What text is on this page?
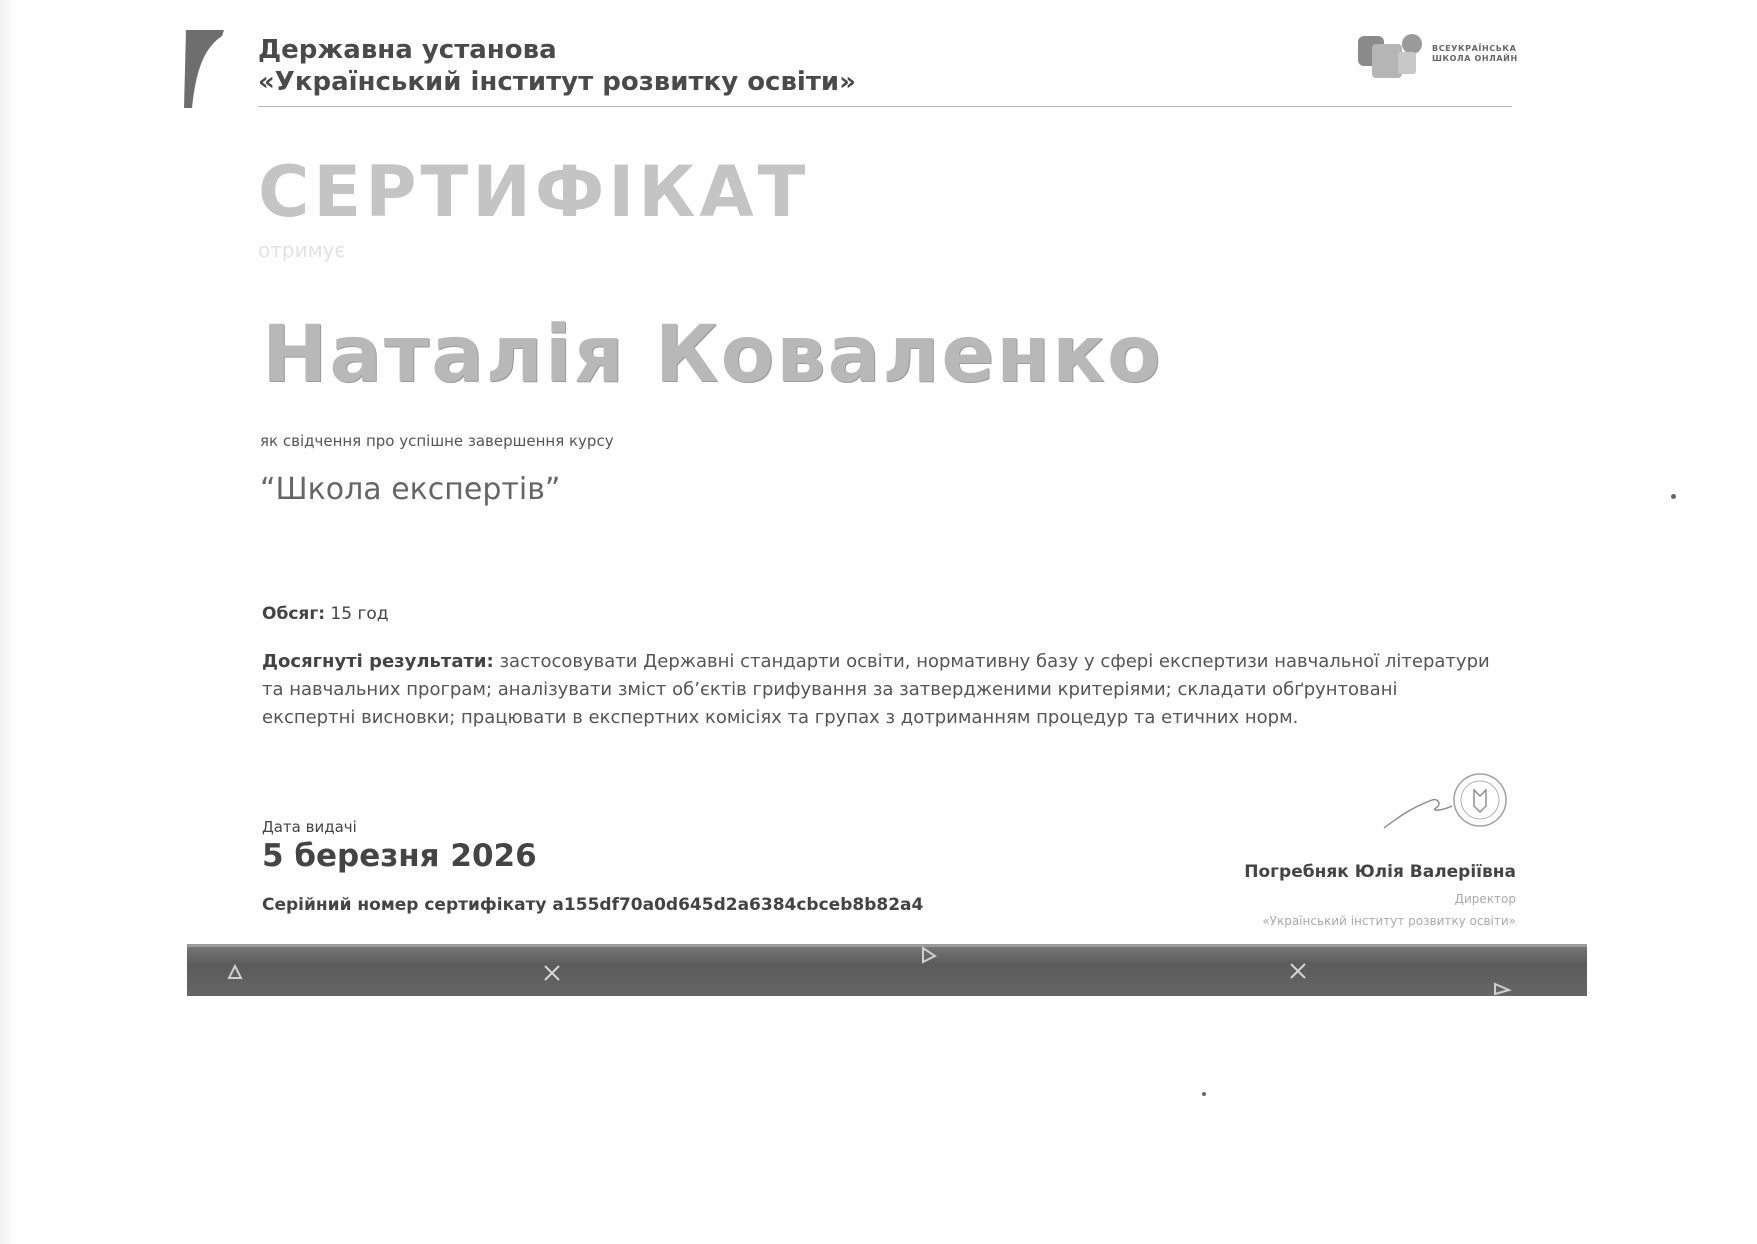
Державна установа
«Український інститут розвитку освіти»
ВСЕУКРАЇНСЬКА
ШКОЛА ОНЛАЙН
СЕРТИФІКАТ
отримує
Наталія Коваленко
як свідчення про успішне завершення курсу
“Школа експертів”
Обсяг: 15 год
Досягнуті результати: застосовувати Державні стандарти освіти, нормативну базу у сфері експертизи навчальної літератури
та навчальних програм; аналізувати зміст об’єктів грифування за затвердженими критеріями; складати обґрунтовані
експертні висновки; працювати в експертних комісіях та групах з дотриманням процедур та етичних норм.
Дата видачі
5 березня 2026
Серійний номер сертифікату a155df70a0d645d2a6384cbceb8b82a4
Погребняк Юлія Валеріївна
Директор
«Український інститут розвитку освіти»
